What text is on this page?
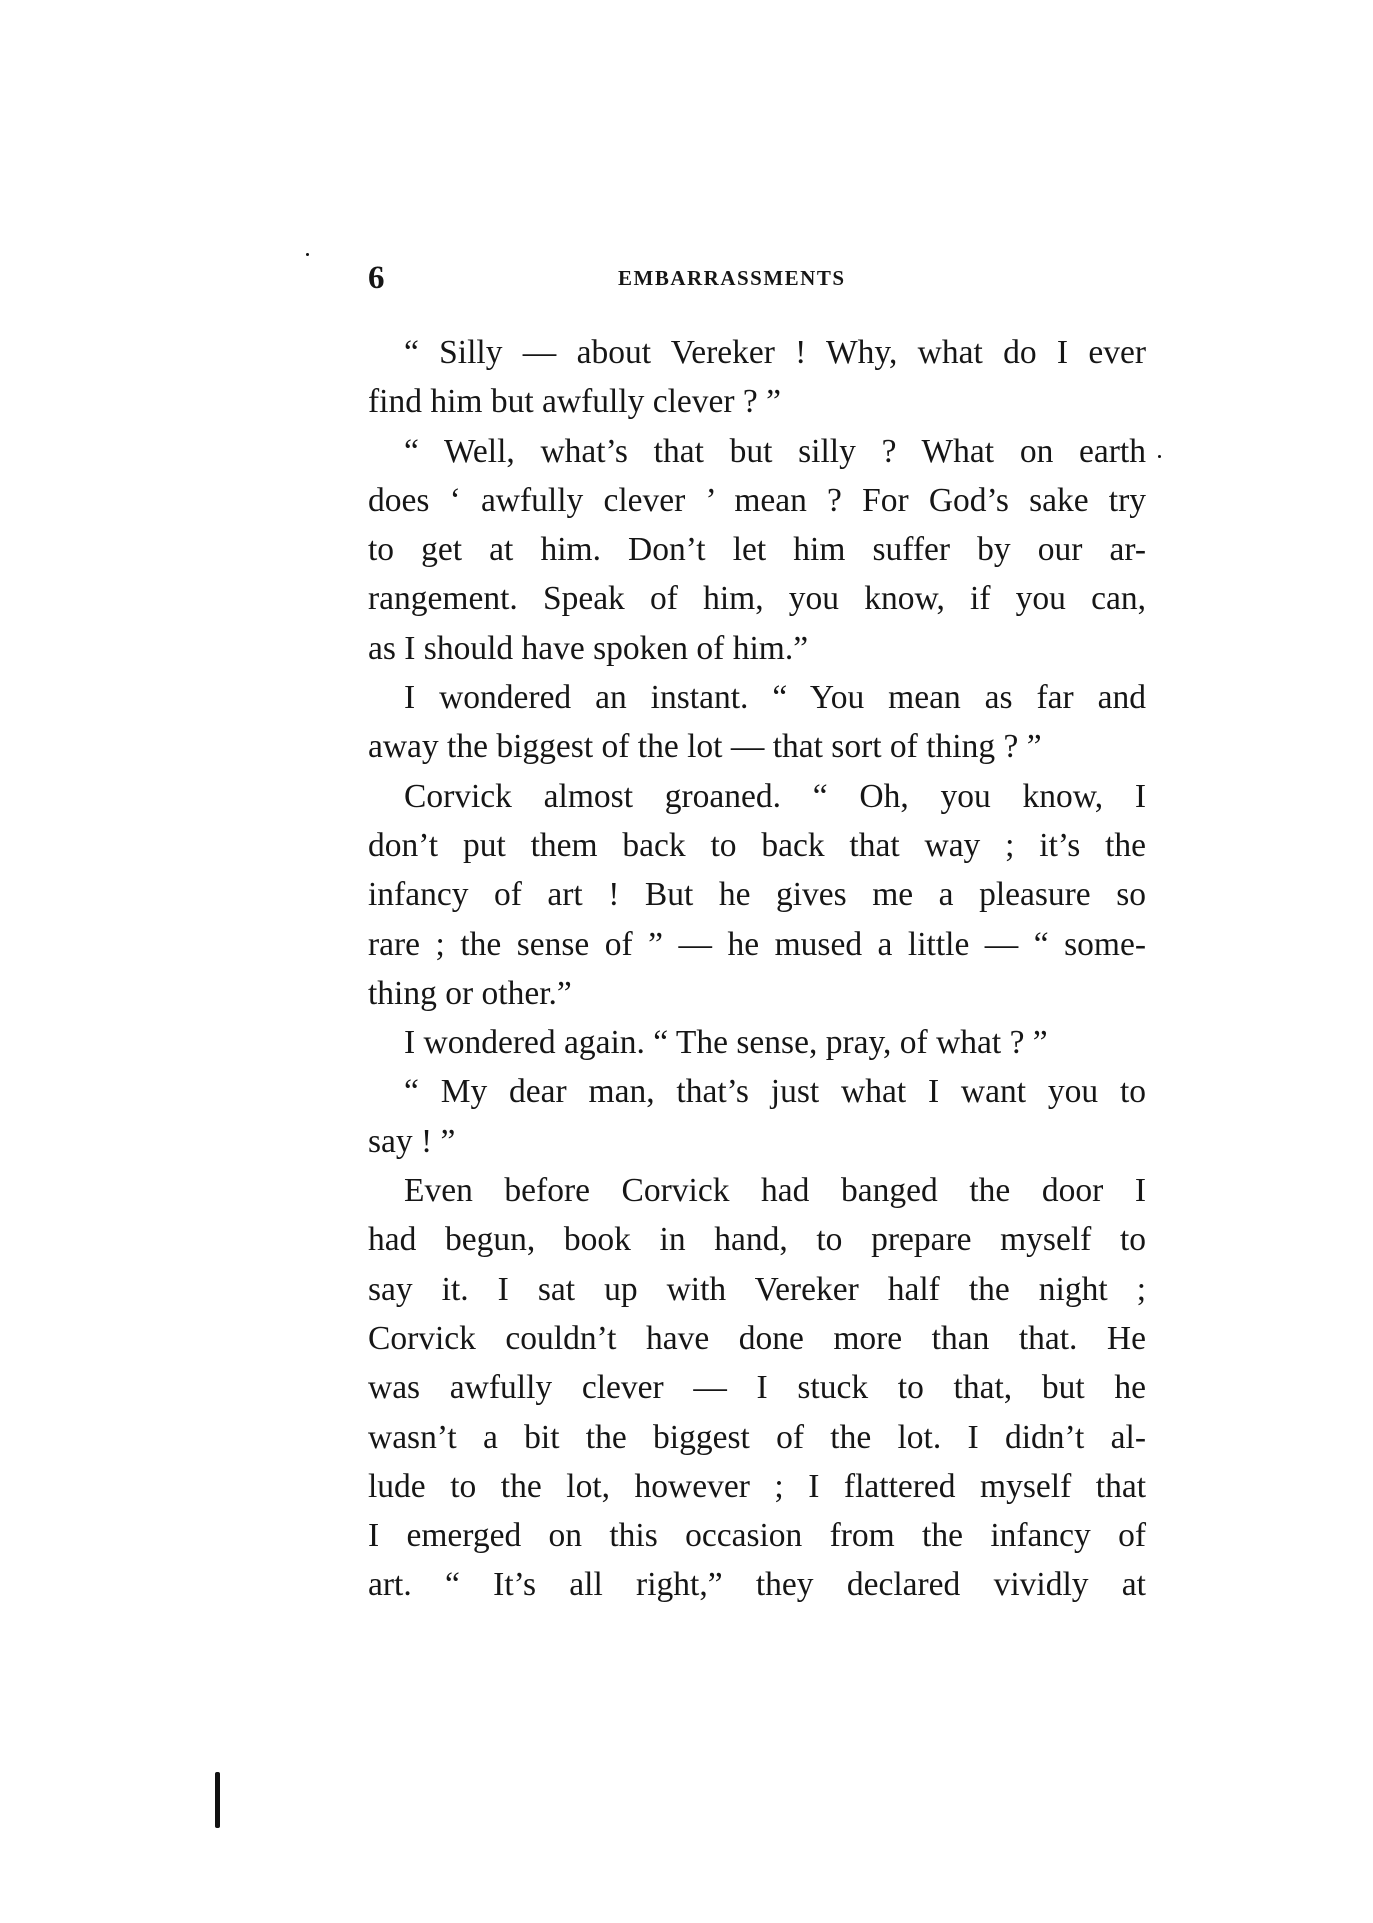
6	EMBARRASSMENTS
“ Silly — about Vereker ! Why, what do I ever
find him but awfully clever ? ”
“ Well, what’s that but silly ? What on earth
does ‘ awfully clever ’ mean ? For God’s sake try
to get at him. Don’t let him suffer by our ar-
rangement. Speak of him, you know, if you can,
as I should have spoken of him.”
I wondered an instant. “ You mean as far and
away the biggest of the lot — that sort of thing ? ”
Corvick almost groaned. “ Oh, you know, I
don’t put them back to back that way ; it’s the
infancy of art ! But he gives me a pleasure so
rare ; the sense of ” — he mused a little — “ some-
thing or other.”
I wondered again. “ The sense, pray, of what ? ”
“ My dear man, that’s just what I want you to
say ! ”
Even before Corvick had banged the door I
had begun, book in hand, to prepare myself to
say it. I sat up with Vereker half the night ;
Corvick couldn’t have done more than that. He
was awfully clever — I stuck to that, but he
wasn’t a bit the biggest of the lot. I didn’t al-
lude to the lot, however ; I flattered myself that
I emerged on this occasion from the infancy of
art. “ It’s all right,” they declared vividly at
